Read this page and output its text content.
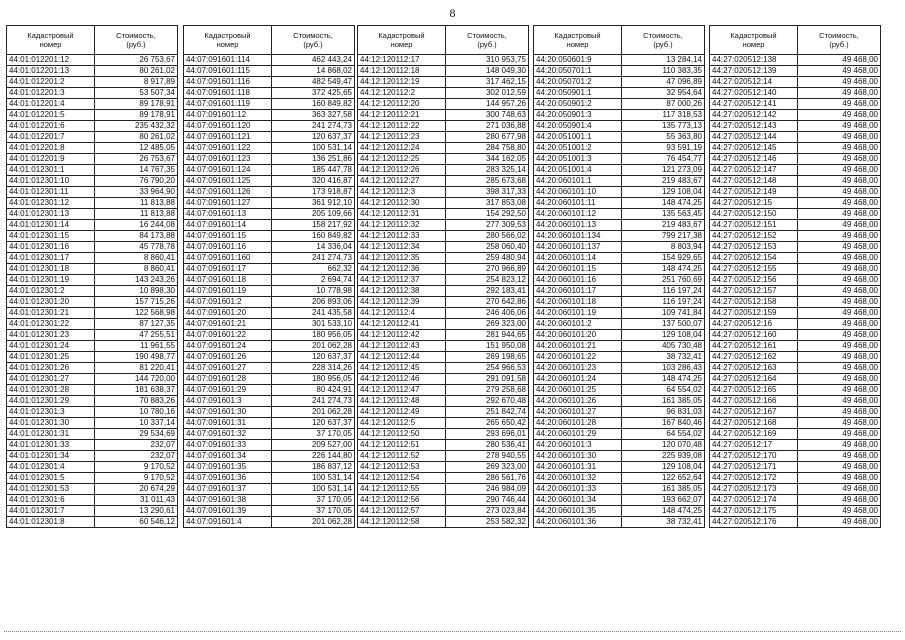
8
Кадастровый
номер	Стоимость,
(руб.)
44:01:012201:12	26 753,67
44:01:012201:13	80 261,02
44:01:012201:2	8 917,89
44:01:012201:3	53 507,34
44:01:012201:4	89 178,91
44:01:012201:5	89 178,91
44:01:012201:6	235 432,32
44:01:012201:7	80 261,02
44:01:012201:8	12 485,05
44:01:012201:9	26 753,67
44:01:012301:1	14 767,35
44:01:012301:10	76 790,20
44:01:012301:11	33 964,90
44:01:012301:12	11 813,88
44:01:012301:13	11 813,88
44:01:012301:14	16 244,08
44:01:012301:15	84 173,88
44:01:012301:16	45 778,78
44:01:012301:17	8 860,41
44:01:012301:18	8 860,41
44:01:012301:19	143 243,26
44:01:012301:2	10 898,30
44:01:012301:20	157 715,26
44:01:012301:21	122 568,98
44:01:012301:22	87 127,35
44:01:012301:23	47 255,51
44:01:012301:24	11 961,55
44:01:012301:25	190 498,77
44:01:012301:26	81 220,41
44:01:012301:27	144 720,00
44:01:012301:28	181 638,37
44:01:012301:29	70 883,26
44:01:012301:3	10 780,16
44:01:012301:30	10 337,14
44:01:012301:31	29 534,69
44:01:012301:33	232,07
44:01:012301:34	232,07
44:01:012301:4	9 170,52
44:01:012301:5	9 170,52
44:01:012301:53	20 674,29
44:01:012301:6	31 011,43
44:01:012301:7	13 290,61
44:01:012301:8	60 546,12
Кадастровый
номер	Стоимость,
(руб.)
44:07:091601:114	462 443,24
44:07:091601:115	14 868,02
44:07:091601:116	482 549,47
44:07:091601:118	372 425,65
44:07:091601:119	160 849,82
44:07:091601:12	363 327,58
44:07:091601:120	241 274,73
44:07:091601:121	120 637,37
44:07:091601:122	100 531,14
44:07:091601:123	136 251,86
44:07:091601:124	185 447,78
44:07:091601:125	320 416,87
44:07:091601:126	173 918,87
44:07:091601:127	361 912,10
44:07:091601:13	205 109,66
44:07:091601:14	158 217,92
44:07:091601:15	160 849,82
44:07:091601:16	14 336,04
44:07:091601:160	241 274,73
44:07:091601:17	662,32
44:07:091601:18	2 694,74
44:07:091601:19	10 778,98
44:07:091601:2	206 893,06
44:07:091601:20	241 435,58
44:07:091601:21	301 533,10
44:07:091601:22	180 956,05
44:07:091601:24	201 062,28
44:07:091601:26	120 637,37
44:07:091601:27	228 314,26
44:07:091601:28	180 956,05
44:07:091601:29	80 424,91
44:07:091601:3	241 274,73
44:07:091601:30	201 062,28
44:07:091601:31	120 637,37
44:07:091601:32	37 170,05
44:07:091601:33	209 527,00
44:07:091601:34	226 144,80
44:07:091601:35	186 837,12
44:07:091601:36	100 531,14
44:07:091601:37	100 531,14
44:07:091601:38	37 170,05
44:07:091601:39	37 170,05
44:07:091601:4	201 062,28
Кадастровый
номер	Стоимость,
(руб.)
44:12:120112:17	310 953,75
44:12:120112:18	148 049,30
44:12:120112:19	317 462,15
44:12:120112:2	302 012,59
44:12:120112:20	144 957,26
44:12:120112:21	300 748,63
44:12:120112:22	271 036,88
44:12:120112:23	280 677,98
44:12:120112:24	284 758,80
44:12:120112:25	344 162,05
44:12:120112:26	283 325,14
44:12:120112:27	285 673,68
44:12:120112:3	398 317,33
44:12:120112:30	317 853,08
44:12:120112:31	154 292,50
44:12:120112:32	277 309,53
44:12:120112:33	280 566,02
44:12:120112:34	258 060,40
44:12:120112:35	259 480,94
44:12:120112:36	270 966,89
44:12:120112:37	254 823,12
44:12:120112:38	292 183,41
44:12:120112:39	270 642,86
44:12:120112:4	246 406,06
44:12:120112:41	269 323,00
44:12:120112:42	281 944,65
44:12:120112:43	151 950,08
44:12:120112:44	269 198,65
44:12:120112:45	254 966,53
44:12:120112:46	291 091,58
44:12:120112:47	279 258,68
44:12:120112:48	292 670,48
44:12:120112:49	251 842,74
44:12:120112:5	265 650,42
44:12:120112:50	293 696,01
44:12:120112:51	280 536,41
44:12:120112:52	278 940,55
44:12:120112:53	269 323,00
44:12:120112:54	286 561,76
44:12:120112:55	246 984,09
44:12:120112:56	290 746,44
44:12:120112:57	273 023,84
44:12:120112:58	253 582,32
Кадастровый
номер	Стоимость,
(руб.)
44:20:050601:9	13 284,14
44:20:050701:1	110 383,35
44:20:050701:2	47 096,89
44:20:050901:1	32 954,64
44:20:050901:2	87 000,26
44:20:050901:3	117 318,53
44:20:050901:4	135 773,13
44:20:051001:1	55 363,80
44:20:051001:2	93 591,19
44:20:051001:3	76 454,77
44:20:051001:4	121 273,09
44:20:060101:1	219 483,67
44:20:060101:10	129 108,04
44:20:060101:11	148 474,25
44:20:060101:12	135 563,45
44:20:060101:13	219 483,67
44:20:060101:134	799 217,38
44:20:060101:137	8 803,94
44:20:060101:14	154 929,65
44:20:060101:15	148 474,25
44:20:060101:16	251 760,69
44:20:060101:17	116 197,24
44:20:060101:18	116 197,24
44:20:060101:19	109 741,84
44:20:060101:2	137 500,07
44:20:060101:20	129 108,04
44:20:060101:21	405 730,48
44:20:060101:22	38 732,41
44:20:060101:23	103 286,43
44:20:060101:24	148 474,25
44:20:060101:25	64 554,02
44:20:060101:26	161 385,05
44:20:060101:27	96 831,03
44:20:060101:28	167 840,46
44:20:060101:29	64 554,02
44:20:060101:3	120 070,48
44:20:060101:30	225 939,08
44:20:060101:31	129 108,04
44:20:060101:32	122 652,64
44:20:060101:33	161 385,05
44:20:060101:34	193 662,07
44:20:060101:35	148 474,25
44:20:060101:36	38 732,41
Кадастровый
номер	Стоимость,
(руб.)
44:27:020512:138	49 468,00
44:27:020512:139	49 468,00
44:27:020512:14	49 468,00
44:27:020512:140	49 468,00
44:27:020512:141	49 468,00
44:27:020512:142	49 468,00
44:27:020512:143	49 468,00
44:27:020512:144	49 468,00
44:27:020512:145	49 468,00
44:27:020512:146	49 468,00
44:27:020512:147	49 468,00
44:27:020512:148	49 468,00
44:27:020512:149	49 468,00
44:27:020512:15	49 468,00
44:27:020512:150	49 468,00
44:27:020512:151	49 468,00
44:27:020512:152	49 468,00
44:27:020512:153	49 468,00
44:27:020512:154	49 468,00
44:27:020512:155	49 468,00
44:27:020512:156	49 468,00
44:27:020512:157	49 468,00
44:27:020512:158	49 468,00
44:27:020512:159	49 468,00
44:27:020512:16	49 468,00
44:27:020512:160	49 468,00
44:27:020512:161	49 468,00
44:27:020512:162	49 468,00
44:27:020512:163	49 468,00
44:27:020512:164	49 468,00
44:27:020512:165	49 468,00
44:27:020512:166	49 468,00
44:27:020512:167	49 468,00
44:27:020512:168	49 468,00
44:27:020512:169	49 468,00
44:27:020512:17	49 468,00
44:27:020512:170	49 468,00
44:27:020512:171	49 468,00
44:27:020512:172	49 468,00
44:27:020512:173	49 468,00
44:27:020512:174	49 468,00
44:27:020512:175	49 468,00
44:27:020512:176	49 468,00
